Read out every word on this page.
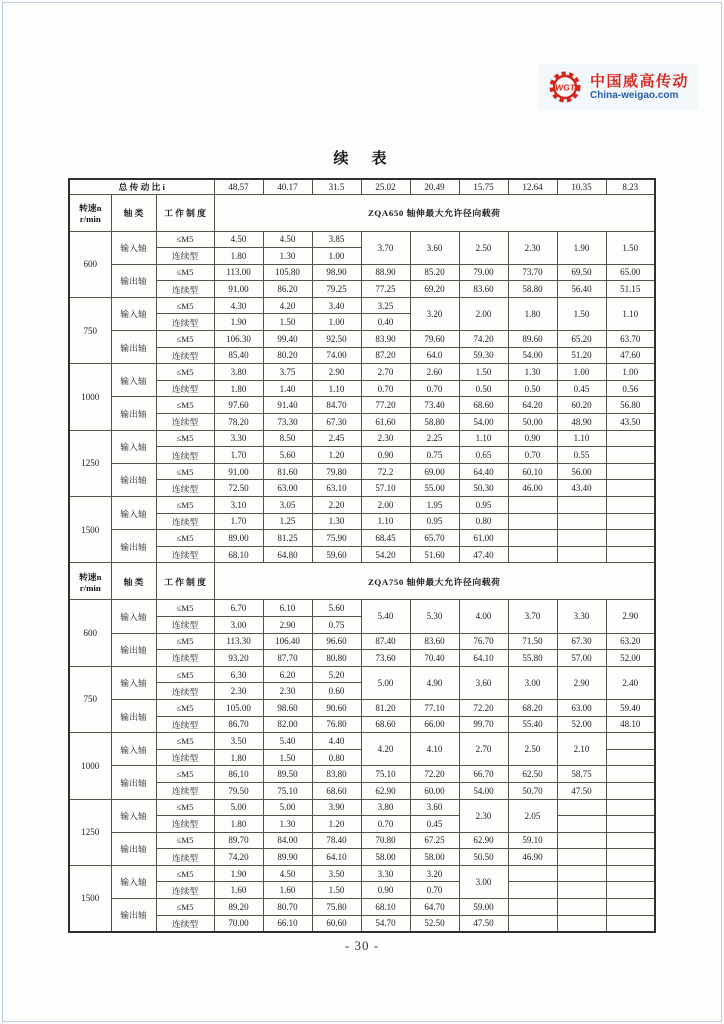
WGT 中国威高传动
China-weigao.com
续　表
总 传 动 比 i			48.57	40.17	31.5	25.02	20.49	15.75	12.64	10.35	8.23
转速n
r/min	轴 类	工 作 制 度	ZQA650 轴伸最大允许径向载荷								
600	输入轴	≤M5	4.50	4.50	3.85	3.70	3.60	2.50	2.30	1.90	1.50
		连续型	1.80	1.30	1.00						
	输出轴	≤M5	113.00	105.80	98.90	88.90	85.20	79.00	73.70	69.50	65.00
		连续型	91.00	86.20	79.25	77.25	69.20	83.60	58.80	56.40	51.15
750	输入轴	≤M5	4.30	4.20	3.40	3.25	3.20	2.00	1.80	1.50	1.10
		连续型	1.90	1.50	1.00	0.40					
	输出轴	≤M5	106.30	99.40	92.50	83.90	79.60	74.20	89.60	65.20	63.70
		连续型	85.40	80.20	74.00	87.20	64.0	59.30	54.00	51.20	47.60
1000	输入轴	≤M5	3.80	3.75	2.90	2.70	2.60	1.50	1.30	1.00	1.00
		连续型	1.80	1.40	1.10	0.70	0.70	0.50	0.50	0.45	0.56
	输出轴	≤M5	97.60	91.40	84.70	77.20	73.40	68.60	64.20	60.20	56.80
		连续型	78.20	73.30	67.30	61.60	58.80	54.00	50.00	48.90	43.50
1250	输入轴	≤M5	3.30	8.50	2.45	2.30	2.25	1.10	0.90	1.10	
		连续型	1.70	5.60	1.20	0.90	0.75	0.65	0.70	0.55	
	输出轴	≤M5	91.00	81.60	79.80	72.2	69.00	64.40	60.10	56.00	
		连续型	72.50	63.00	63.10	57.10	55.00	50.30	46.00	43.40	
1500	输入轴	≤M5	3.10	3.05	2.20	2.00	1.95	0.95			
		连续型	1.70	1.25	1.30	1.10	0.95	0.80			
	输出轴	≤M5	89.00	81.25	75.90	68.45	65.70	61.00			
		连续型	68.10	64.80	59.60	54.20	51.60	47.40			
转速n
r/min	轴 类	工 作 制 度	ZQA750 轴伸最大允许径向载荷								
600	输入轴	≤M5	6.70	6.10	5.60	5.40	5.30	4.00	3.70	3.30	2.90
		连续型	3.00	2.90	0.75						
	输出轴	≤M5	113.30	106.40	96.60	87.40	83.60	76.70	71.50	67.30	63.20
		连续型	93.20	87.70	80.80	73.60	70.40	64.10	55.80	57.00	52.00
750	输入轴	≤M5	6.30	6.20	5.20	5.00	4.90	3.60	3.00	2.90	2.40
		连续型	2.30	2.30	0.60						
	输出轴	≤M5	105.00	98.60	90.60	81.20	77.10	72.20	68.20	63.00	59.40
		连续型	86.70	82.00	76.80	68.60	66.00	99.70	55.40	52.00	48.10
1000	输入轴	≤M5	3.50	5.40	4.40	4.20	4.10	2.70	2.50	2.10	
		连续型	1.80	1.50	0.80						
	输出轴	≤M5	86.10	89.50	83.80	75.10	72.20	66.70	62.50	58.75	
		连续型	79.50	75.10	68.60	62.90	60.00	54.00	50.70	47.50	
1250	输入轴	≤M5	5.00	5.00	3.90	3.80	3.60	2.30	2.05		
		连续型	1.80	1.30	1.20	0.70	0.45				
	输出轴	≤M5	89.70	84.00	78.40	70.80	67.25	62.90	59.10		
		连续型	74.20	89.90	64.10	58.00	58.00	50.50	46.90		
1500	输入轴	≤M5	1.90	4.50	3.50	3.30	3.20	3.00			
		连续型	1.60	1.60	1.50	0.90	0.70				
	输出轴	≤M5	89.20	80.70	75.80	68.10	64.70	59.00			
		连续型	70.00	66.10	60.60	54.70	52.50	47.50			
- 30 -
